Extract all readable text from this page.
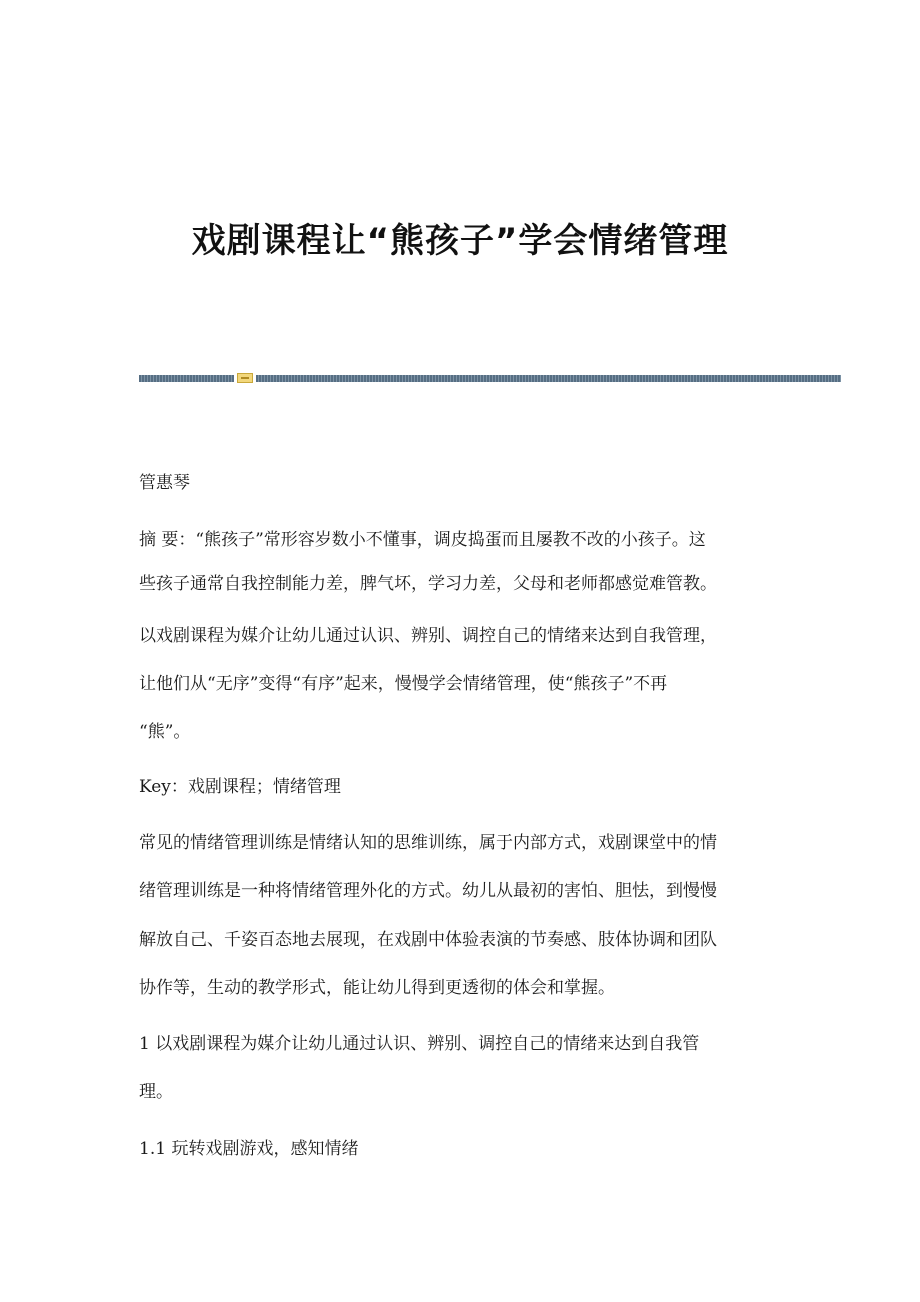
戏剧课程让“熊孩子”学会情绪管理

管惠琴

摘 要：“熊孩子”常形容岁数小不懂事，调皮捣蛋而且屡教不改的小孩子。这

些孩子通常自我控制能力差，脾气坏，学习力差，父母和老师都感觉难管教。

以戏剧课程为媒介让幼儿通过认识、辨别、调控自己的情绪来达到自我管理，

让他们从“无序”变得“有序”起来，慢慢学会情绪管理，使“熊孩子”不再

“熊”。

Key：戏剧课程；情绪管理

常见的情绪管理训练是情绪认知的思维训练，属于内部方式，戏剧课堂中的情

绪管理训练是一种将情绪管理外化的方式。幼儿从最初的害怕、胆怯，到慢慢

解放自己、千姿百态地去展现，在戏剧中体验表演的节奏感、肢体协调和团队

协作等，生动的教学形式，能让幼儿得到更透彻的体会和掌握。

1 以戏剧课程为媒介让幼儿通过认识、辨别、调控自己的情绪来达到自我管

理。

1.1 玩转戏剧游戏，感知情绪
